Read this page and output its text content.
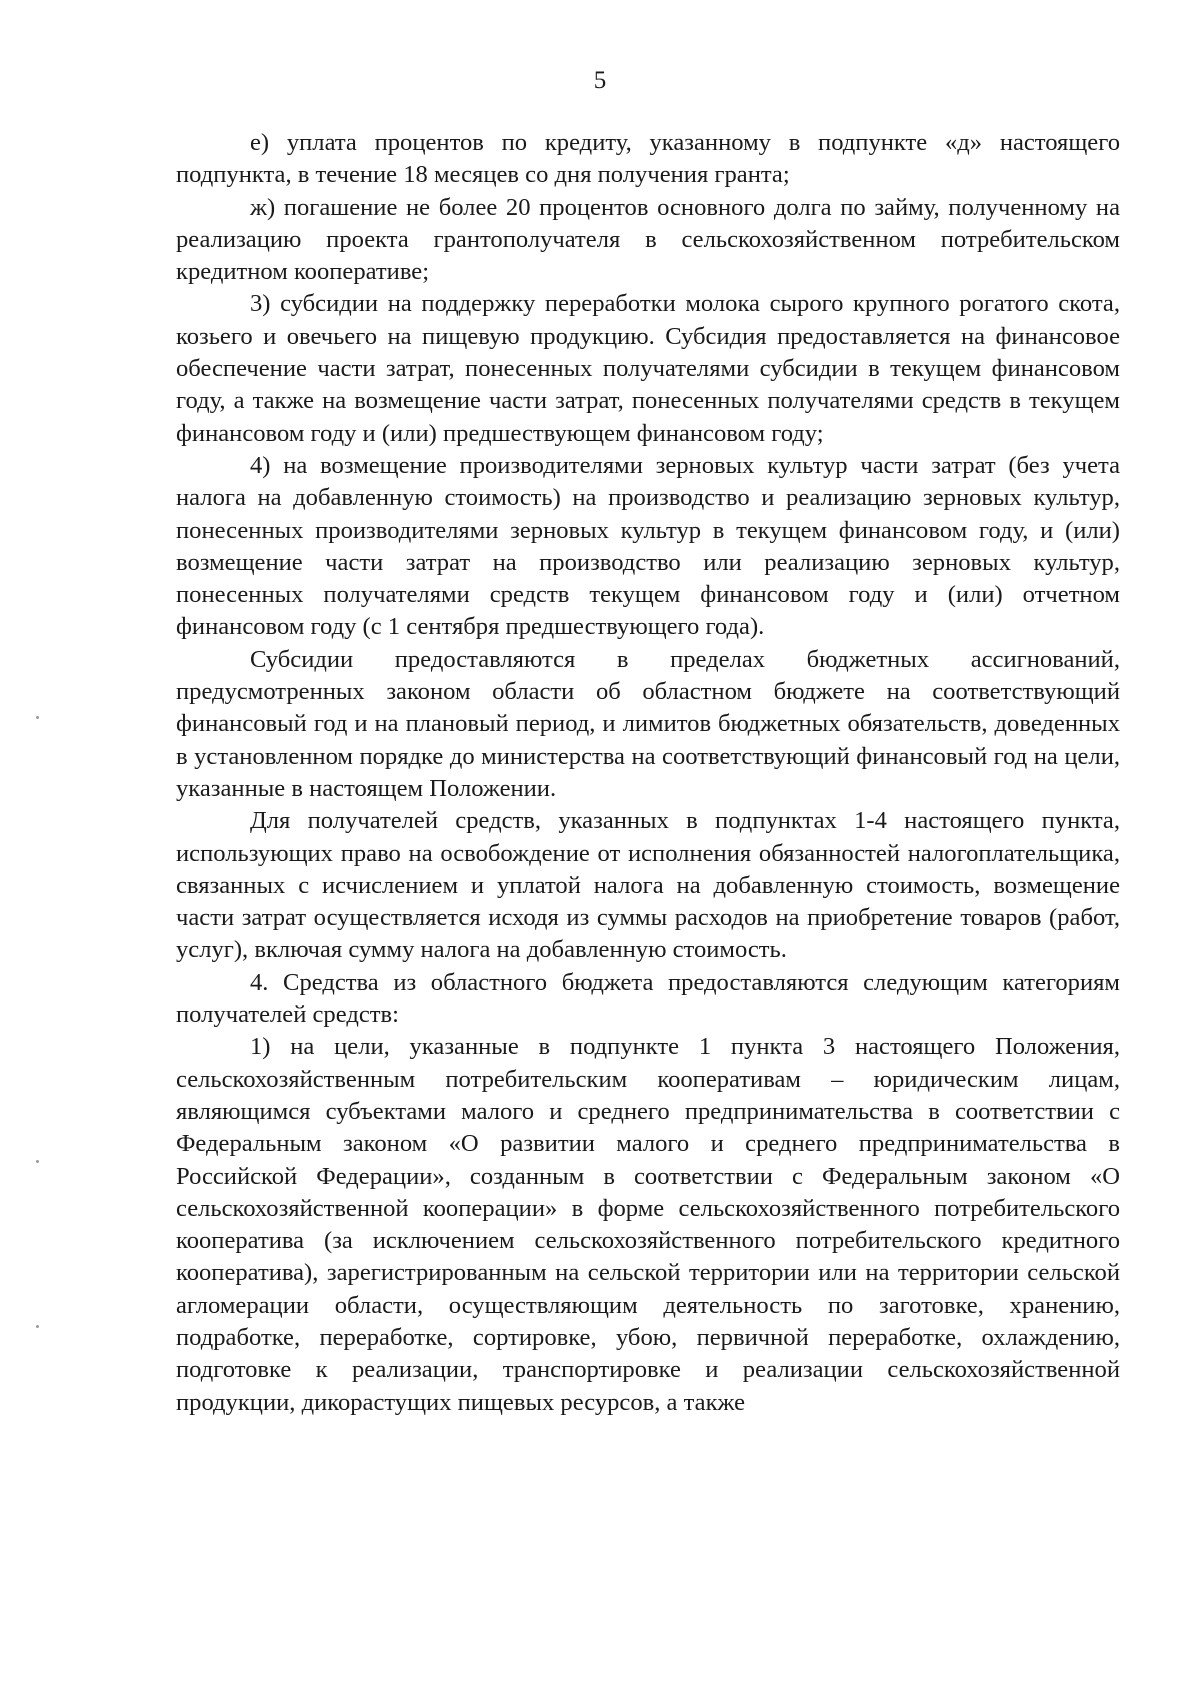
5

е) уплата процентов по кредиту, указанному в подпункте «д» настоящего подпункта, в течение 18 месяцев со дня получения гранта;

ж) погашение не более 20 процентов основного долга по займу, полученному на реализацию проекта грантополучателя в сельскохозяйственном потребительском кредитном кооперативе;

3) субсидии на поддержку переработки молока сырого крупного рогатого скота, козьего и овечьего на пищевую продукцию. Субсидия предоставляется на финансовое обеспечение части затрат, понесенных получателями субсидии в текущем финансовом году, а также на возмещение части затрат, понесенных получателями средств в текущем финансовом году и (или) предшествующем финансовом году;

4) на возмещение производителями зерновых культур части затрат (без учета налога на добавленную стоимость) на производство и реализацию зерновых культур, понесенных производителями зерновых культур в текущем финансовом году, и (или) возмещение части затрат на производство или реализацию зерновых культур, понесенных получателями средств текущем финансовом году и (или) отчетном финансовом году (с 1 сентября предшествующего года).

Субсидии предоставляются в пределах бюджетных ассигнований, предусмотренных законом области об областном бюджете на соответствующий финансовый год и на плановый период, и лимитов бюджетных обязательств, доведенных в установленном порядке до министерства на соответствующий финансовый год на цели, указанные в настоящем Положении.

Для получателей средств, указанных в подпунктах 1-4 настоящего пункта, использующих право на освобождение от исполнения обязанностей налогоплательщика, связанных с исчислением и уплатой налога на добавленную стоимость, возмещение части затрат осуществляется исходя из суммы расходов на приобретение товаров (работ, услуг), включая сумму налога на добавленную стоимость.

4. Средства из областного бюджета предоставляются следующим категориям получателей средств:

1) на цели, указанные в подпункте 1 пункта 3 настоящего Положения, сельскохозяйственным потребительским кооперативам – юридическим лицам, являющимся субъектами малого и среднего предпринимательства в соответствии с Федеральным законом «О развитии малого и среднего предпринимательства в Российской Федерации», созданным в соответствии с Федеральным законом «О сельскохозяйственной кооперации» в форме сельскохозяйственного потребительского кооператива (за исключением сельскохозяйственного потребительского кредитного кооператива), зарегистрированным на сельской территории или на территории сельской агломерации области, осуществляющим деятельность по заготовке, хранению, подработке, переработке, сортировке, убою, первичной переработке, охлаждению, подготовке к реализации, транспортировке и реализации сельскохозяйственной продукции, дикорастущих пищевых ресурсов, а также
